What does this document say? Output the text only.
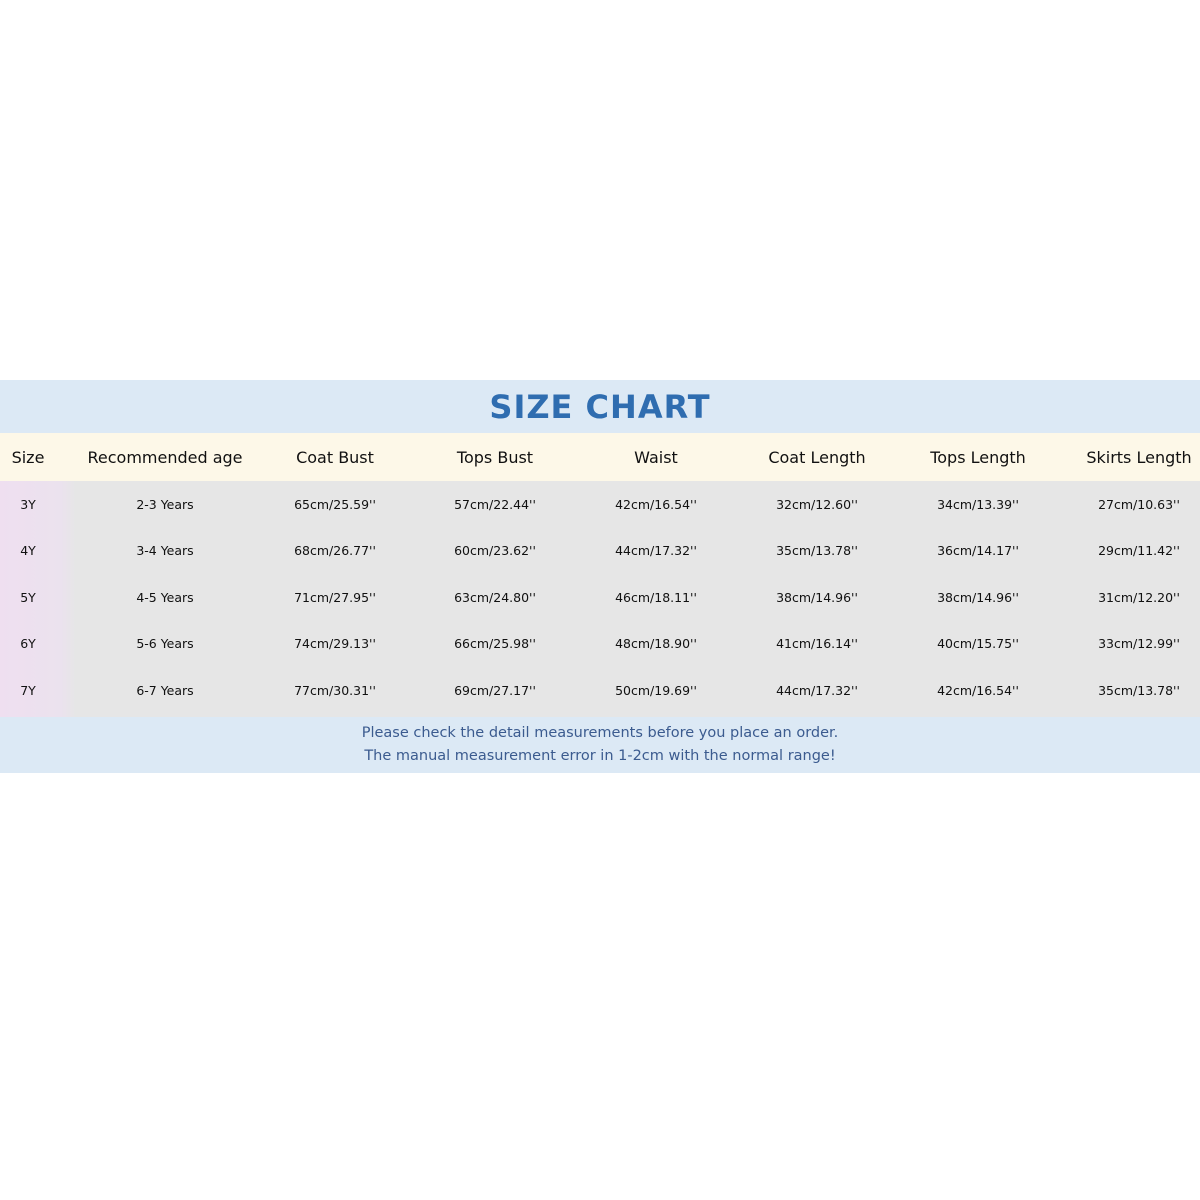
SIZE CHART
Size	Recommended age	Coat Bust	Tops Bust	Waist	Coat Length	Tops Length	Skirts Length
3Y	2-3 Years	65cm/25.59''	57cm/22.44''	42cm/16.54''	32cm/12.60''	34cm/13.39''	27cm/10.63''
4Y	3-4 Years	68cm/26.77''	60cm/23.62''	44cm/17.32''	35cm/13.78''	36cm/14.17''	29cm/11.42''
5Y	4-5 Years	71cm/27.95''	63cm/24.80''	46cm/18.11''	38cm/14.96''	38cm/14.96''	31cm/12.20''
6Y	5-6 Years	74cm/29.13''	66cm/25.98''	48cm/18.90''	41cm/16.14''	40cm/15.75''	33cm/12.99''
7Y	6-7 Years	77cm/30.31''	69cm/27.17''	50cm/19.69''	44cm/17.32''	42cm/16.54''	35cm/13.78''
Please check the detail measurements before you place an order.
The manual measurement error in 1-2cm with the normal range!
